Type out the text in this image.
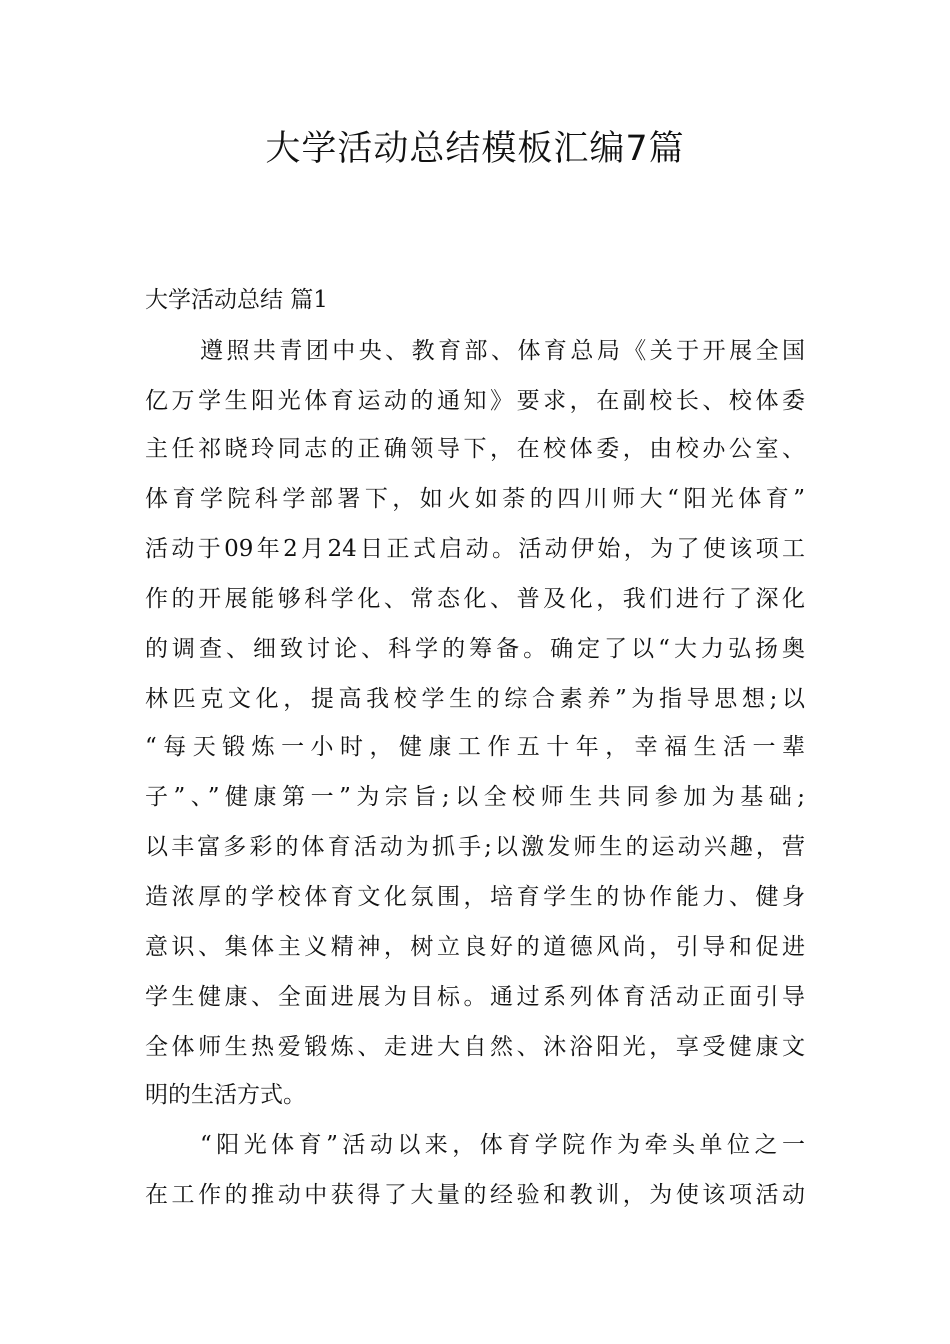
大学活动总结模板汇编7篇
大学活动总结 篇1

遵照共青团中央、教育部、体育总局《关于开展全国

亿万学生阳光体育运动的通知》要求，在副校长、校体委

主任祁晓玲同志的正确领导下，在校体委，由校办公室、

体育学院科学部署下，如火如荼的四川师大“阳光体育”

活动于09年2月24日正式启动。活动伊始，为了使该项工

作的开展能够科学化、常态化、普及化，我们进行了深化

的调查、细致讨论、科学的筹备。确定了以“大力弘扬奥

林匹克文化，提高我校学生的综合素养”为指导思想;以

“每天锻炼一小时，健康工作五十年，幸福生活一辈

子”、”健康第一”为宗旨;以全校师生共同参加为基础;

以丰富多彩的体育活动为抓手;以激发师生的运动兴趣，营

造浓厚的学校体育文化氛围，培育学生的协作能力、健身

意识、集体主义精神，树立良好的道德风尚，引导和促进

学生健康、全面进展为目标。通过系列体育活动正面引导

全体师生热爱锻炼、走进大自然、沐浴阳光，享受健康文

明的生活方式。

“阳光体育”活动以来，体育学院作为牵头单位之一

在工作的推动中获得了大量的经验和教训，为使该项活动
